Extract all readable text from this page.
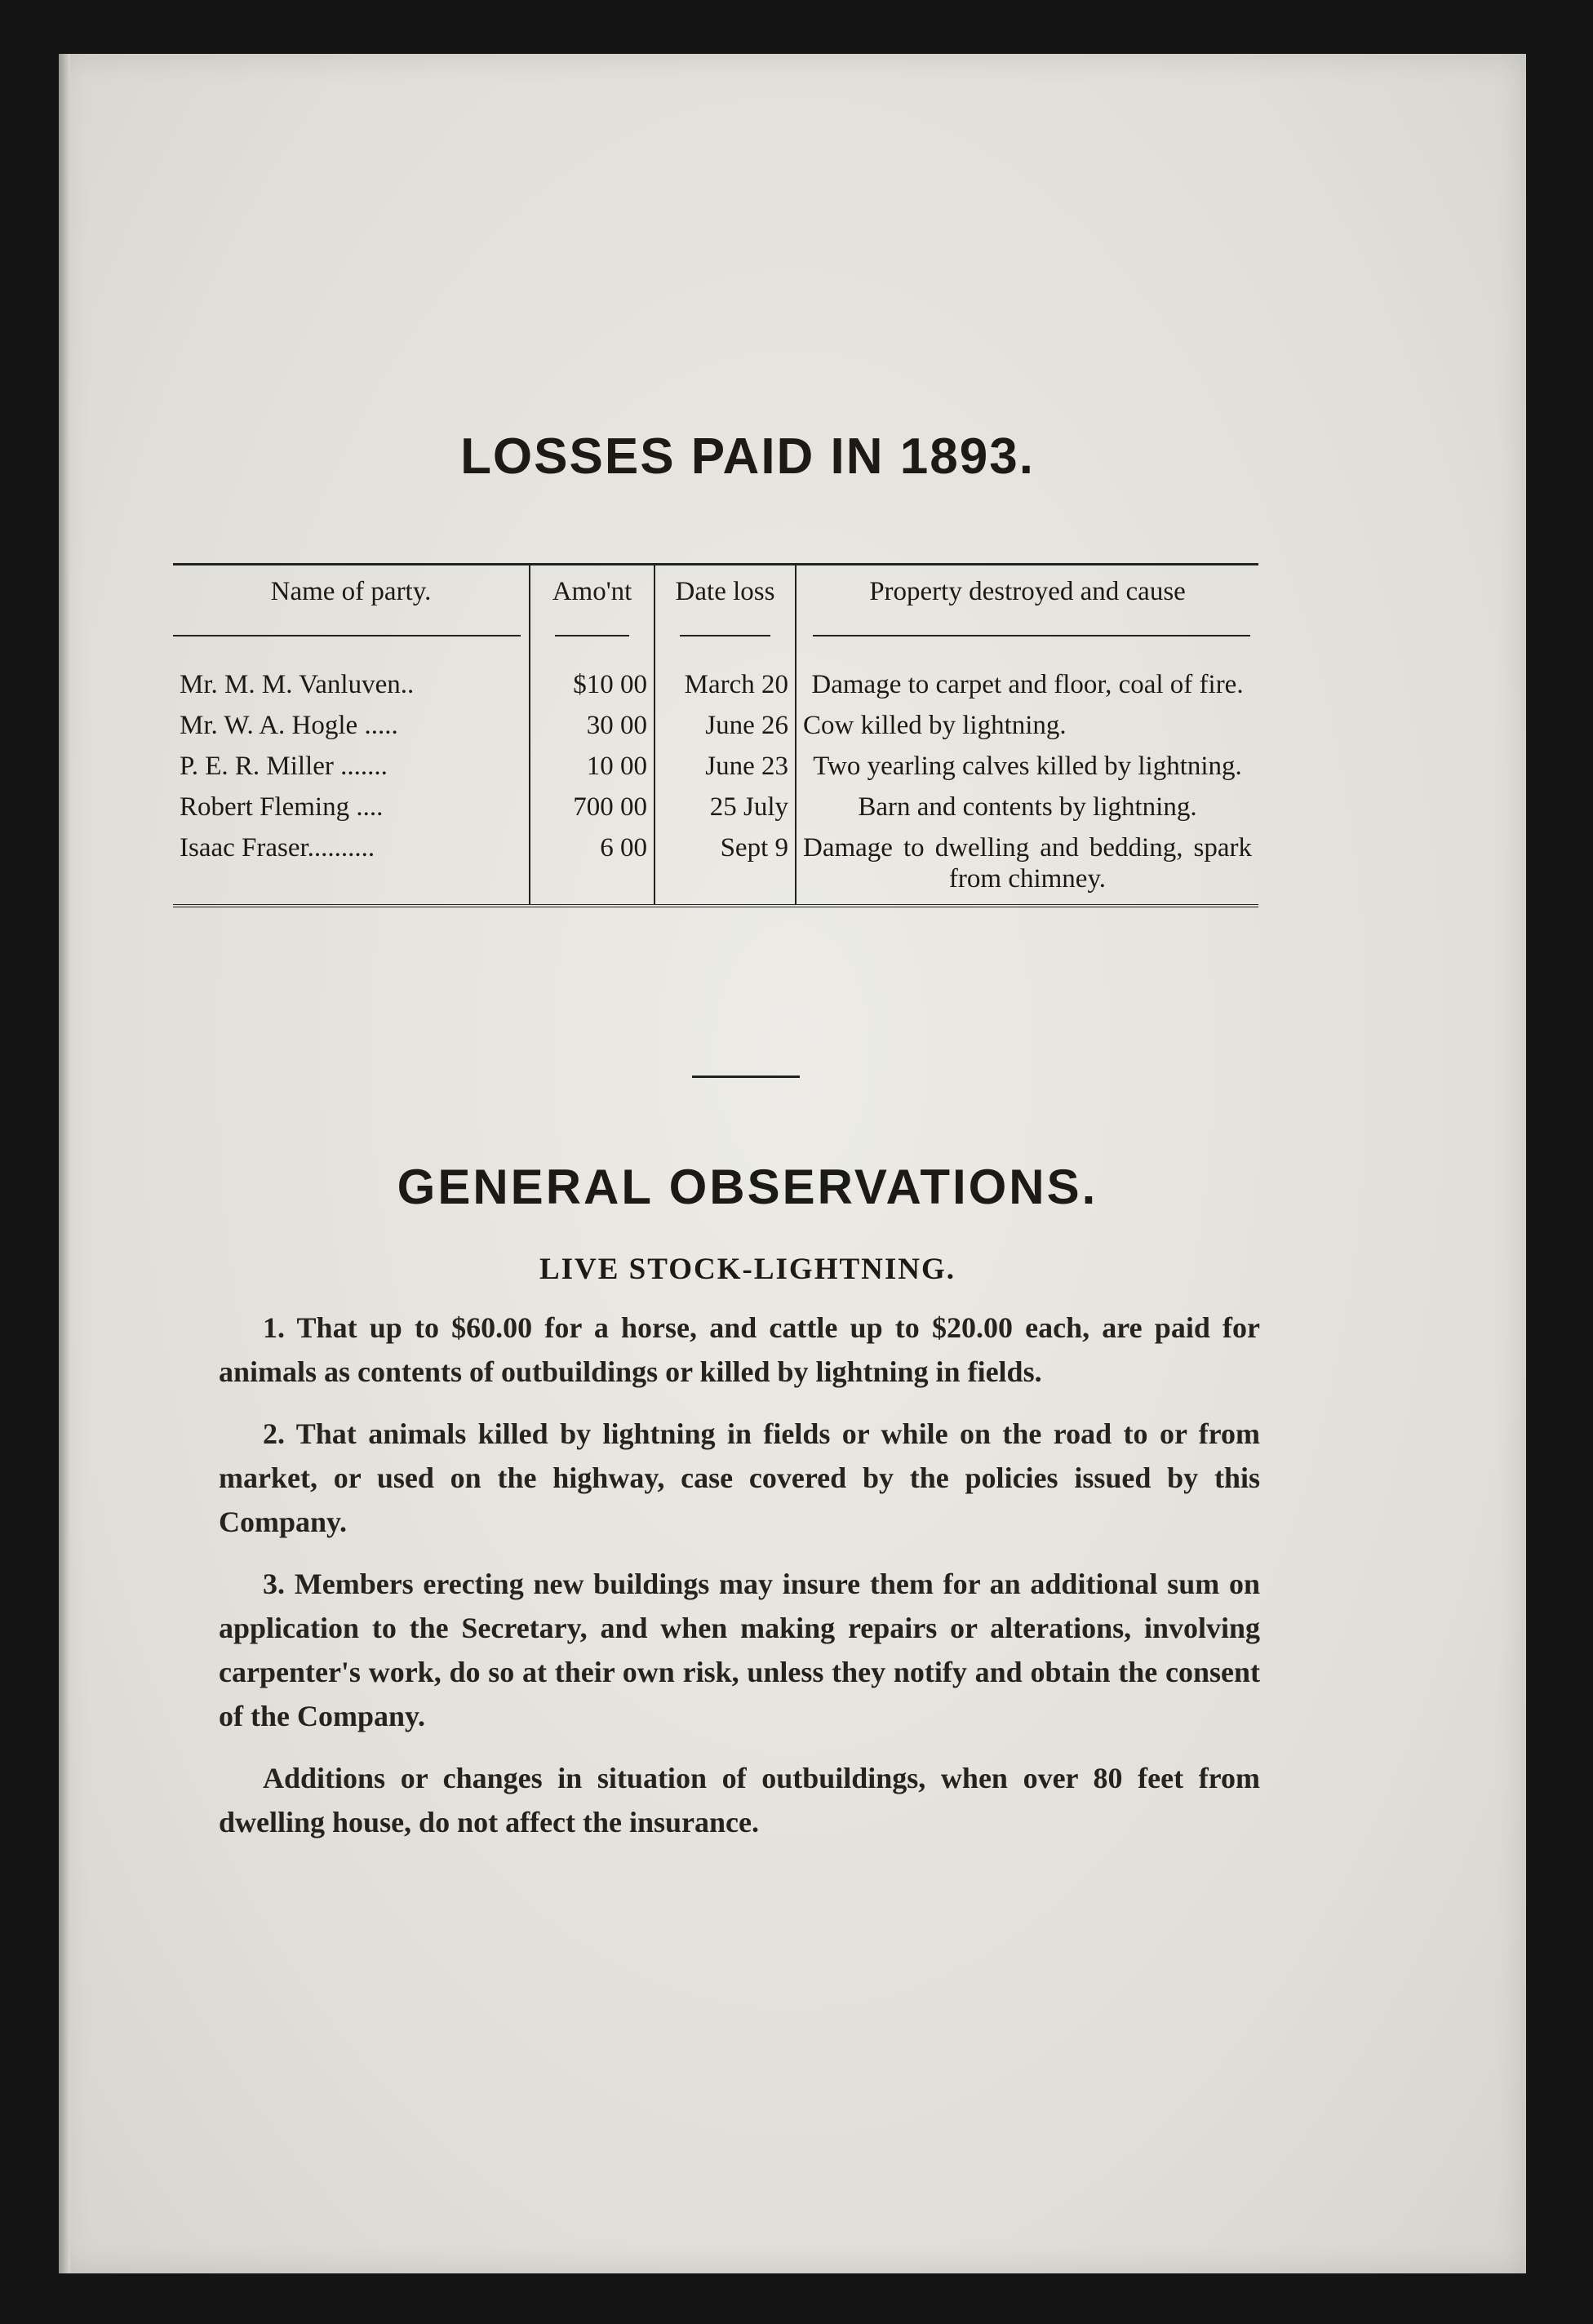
LOSSES PAID IN 1893.
Name of party.	Amo'nt	Date loss	Property destroyed and cause
Mr. M. M. Vanluven..	$10 00	March 20	Damage to carpet and floor, coal of fire.
Mr. W. A. Hogle .....	30 00	June 26	Cow killed by lightning.
P. E. R. Miller .......	10 00	June 23	Two yearling calves killed by lightning.
Robert Fleming ....	700 00	25 July	Barn and contents by lightning.
Isaac Fraser..........	6 00	Sept 9	Damage to dwelling and bedding, spark from chimney.
GENERAL OBSERVATIONS.
LIVE STOCK-LIGHTNING.

1. That up to $60.00 for a horse, and cattle up to $20.00 each, are paid for animals as contents of outbuildings or killed by lightning in fields.

2. That animals killed by lightning in fields or while on the road to or from market, or used on the highway, case covered by the policies issued by this Company.

3. Members erecting new buildings may insure them for an additional sum on application to the Secretary, and when making repairs or alterations, involving carpenter's work, do so at their own risk, unless they notify and obtain the consent of the Company.

Additions or changes in situation of outbuildings, when over 80 feet from dwelling house, do not affect the insurance.
